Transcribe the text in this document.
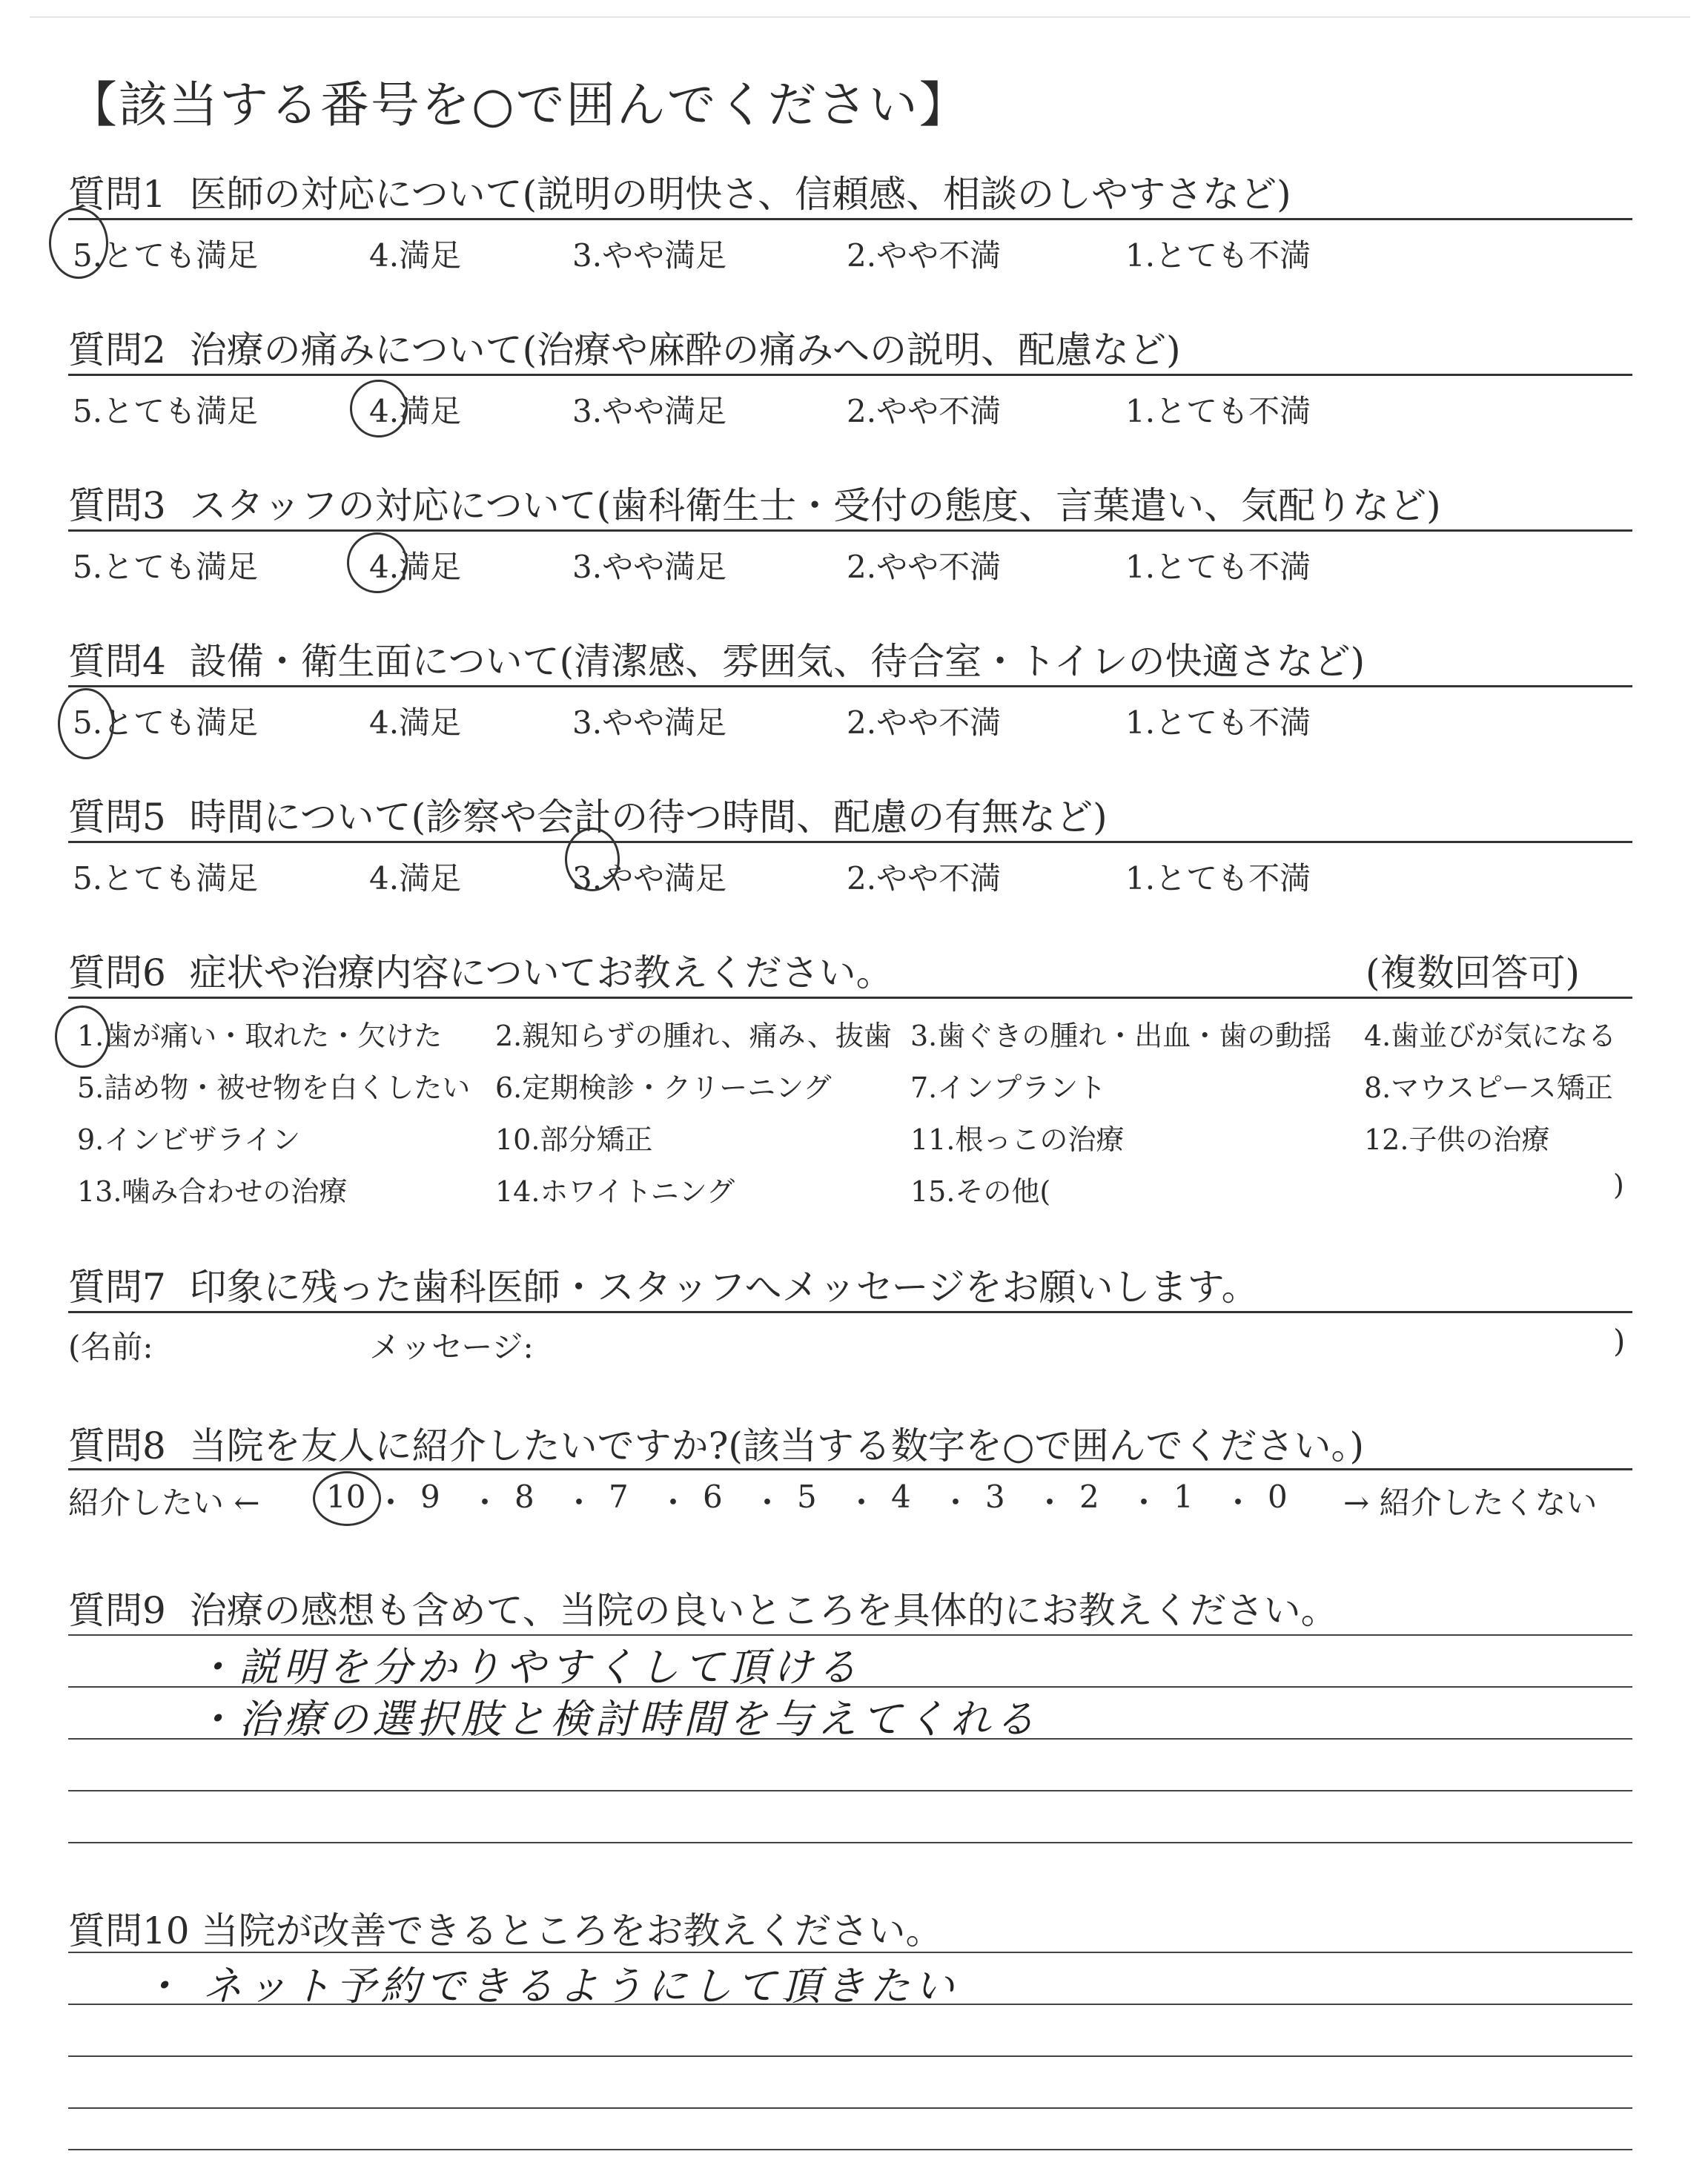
【該当する番号を○で囲んでください】
質問1 医師の対応について(説明の明快さ、信頼感、相談のしやすさなど)
5.とても満足	4.満足	3.やや満足	2.やや不満	1.とても不満
質問2 治療の痛みについて(治療や麻酔の痛みへの説明、配慮など)
5.とても満足	4.満足	3.やや満足	2.やや不満	1.とても不満
質問3 スタッフの対応について(歯科衛生士・受付の態度、言葉遣い、気配りなど)
5.とても満足	4.満足	3.やや満足	2.やや不満	1.とても不満
質問4 設備・衛生面について(清潔感、雰囲気、待合室・トイレの快適さなど)
5.とても満足	4.満足	3.やや満足	2.やや不満	1.とても不満
質問5 時間について(診察や会計の待つ時間、配慮の有無など)
5.とても満足	4.満足	3.やや満足	2.やや不満	1.とても不満
質問6 症状や治療内容についてお教えください。	(複数回答可)
1.歯が痛い・取れた・欠けた 2.親知らずの腫れ、痛み、抜歯 3.歯ぐきの腫れ・出血・歯の動揺 4.歯並びが気になる
5.詰め物・被せ物を白くしたい 6.定期検診・クリーニング	7.インプラント	8.マウスピース矯正
9.インビザライン	10.部分矯正	11.根っこの治療	12.子供の治療
13.噛み合わせの治療	14.ホワイトニング	15.その他(	)
質問7 印象に残った歯科医師・スタッフへメッセージをお願いします。
(名前:	メッセージ:	)
質問8 当院を友人に紹介したいですか?(該当する数字を○で囲んでください。)
紹介したい ←	→ 紹介したくない
10 ・ 9 ・ 8 ・ 7 ・ 6 ・ 5 ・ 4 ・ 3 ・ 2 ・ 1 ・ 0
質問9 治療の感想も含めて、当院の良いところを具体的にお教えください。
・説明を分かりやすくして頂ける
・治療の選択肢と検討時間を与えてくれる
質問10 当院が改善できるところをお教えください。
・ ネット予約できるようにして頂きたい
